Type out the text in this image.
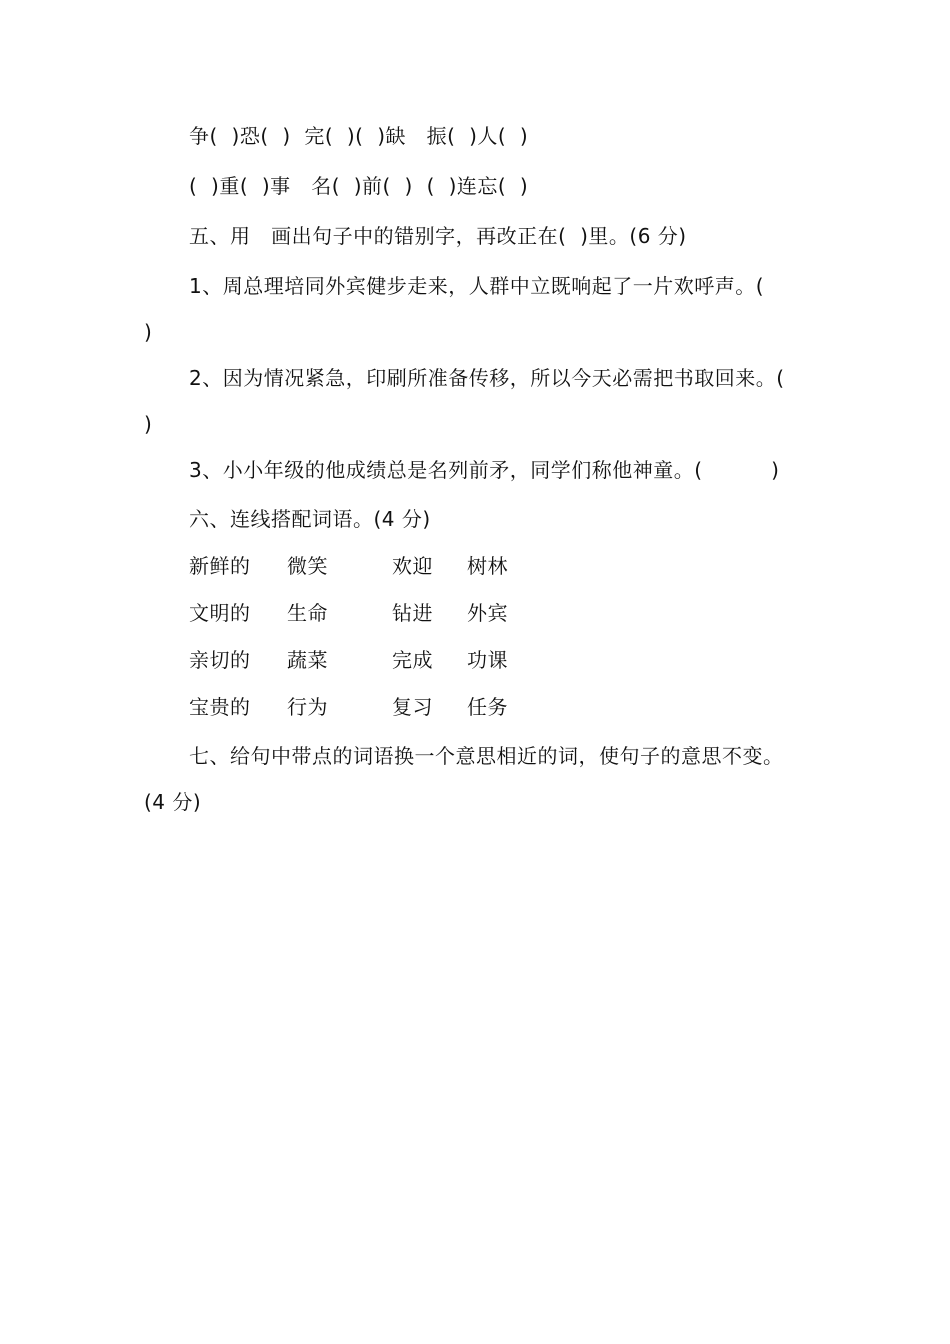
争(  )恐(  )  完(  )(  )缺   振(  )人(  )
(  )重(  )事   名(  )前(  )  (  )连忘(  )
五、用   画出句子中的错别字，再改正在(  )里。(6 分)
1、周总理培同外宾健步走来，人群中立既响起了一片欢呼声。(
)
2、因为情况紧急，印刷所准备传移，所以今天必需把书取回来。(
)
3、小小年级的他成绩总是名列前矛，同学们称他神童。(          )
六、连线搭配词语。(4 分)
新鲜的 微笑	欢迎 树林
文明的 生命	钻进 外宾
亲切的 蔬菜	完成 功课
宝贵的 行为	复习 任务
七、给句中带点的词语换一个意思相近的词，使句子的意思不变。
(4 分)
